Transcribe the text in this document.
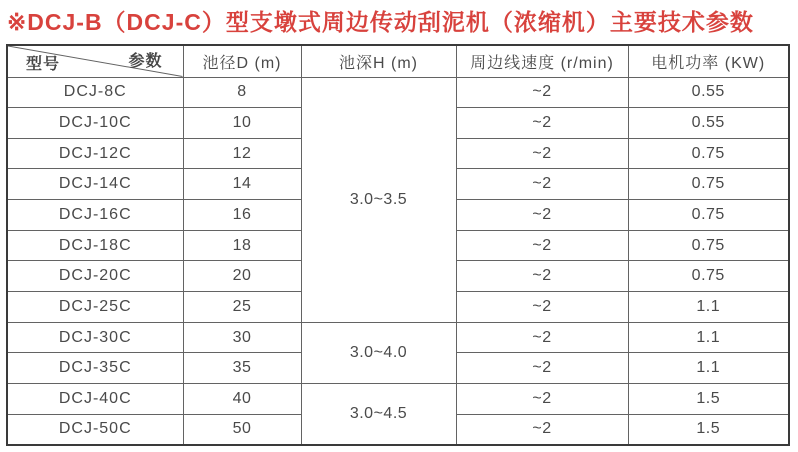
※DCJ-B（DCJ-C）型支墩式周边传动刮泥机（浓缩机）主要技术参数
参数
型号	池径D (m)	池深H (m)	周边线速度 (r/min)	电机功率 (KW)
DCJ-8C	8	3.0~3.5	~2	0.55
DCJ-10C	10		~2	0.55
DCJ-12C	12		~2	0.75
DCJ-14C	14		~2	0.75
DCJ-16C	16		~2	0.75
DCJ-18C	18		~2	0.75
DCJ-20C	20		~2	0.75
DCJ-25C	25		~2	1.1
DCJ-30C	30	3.0~4.0	~2	1.1
DCJ-35C	35		~2	1.1
DCJ-40C	40	3.0~4.5	~2	1.5
DCJ-50C	50		~2	1.5
